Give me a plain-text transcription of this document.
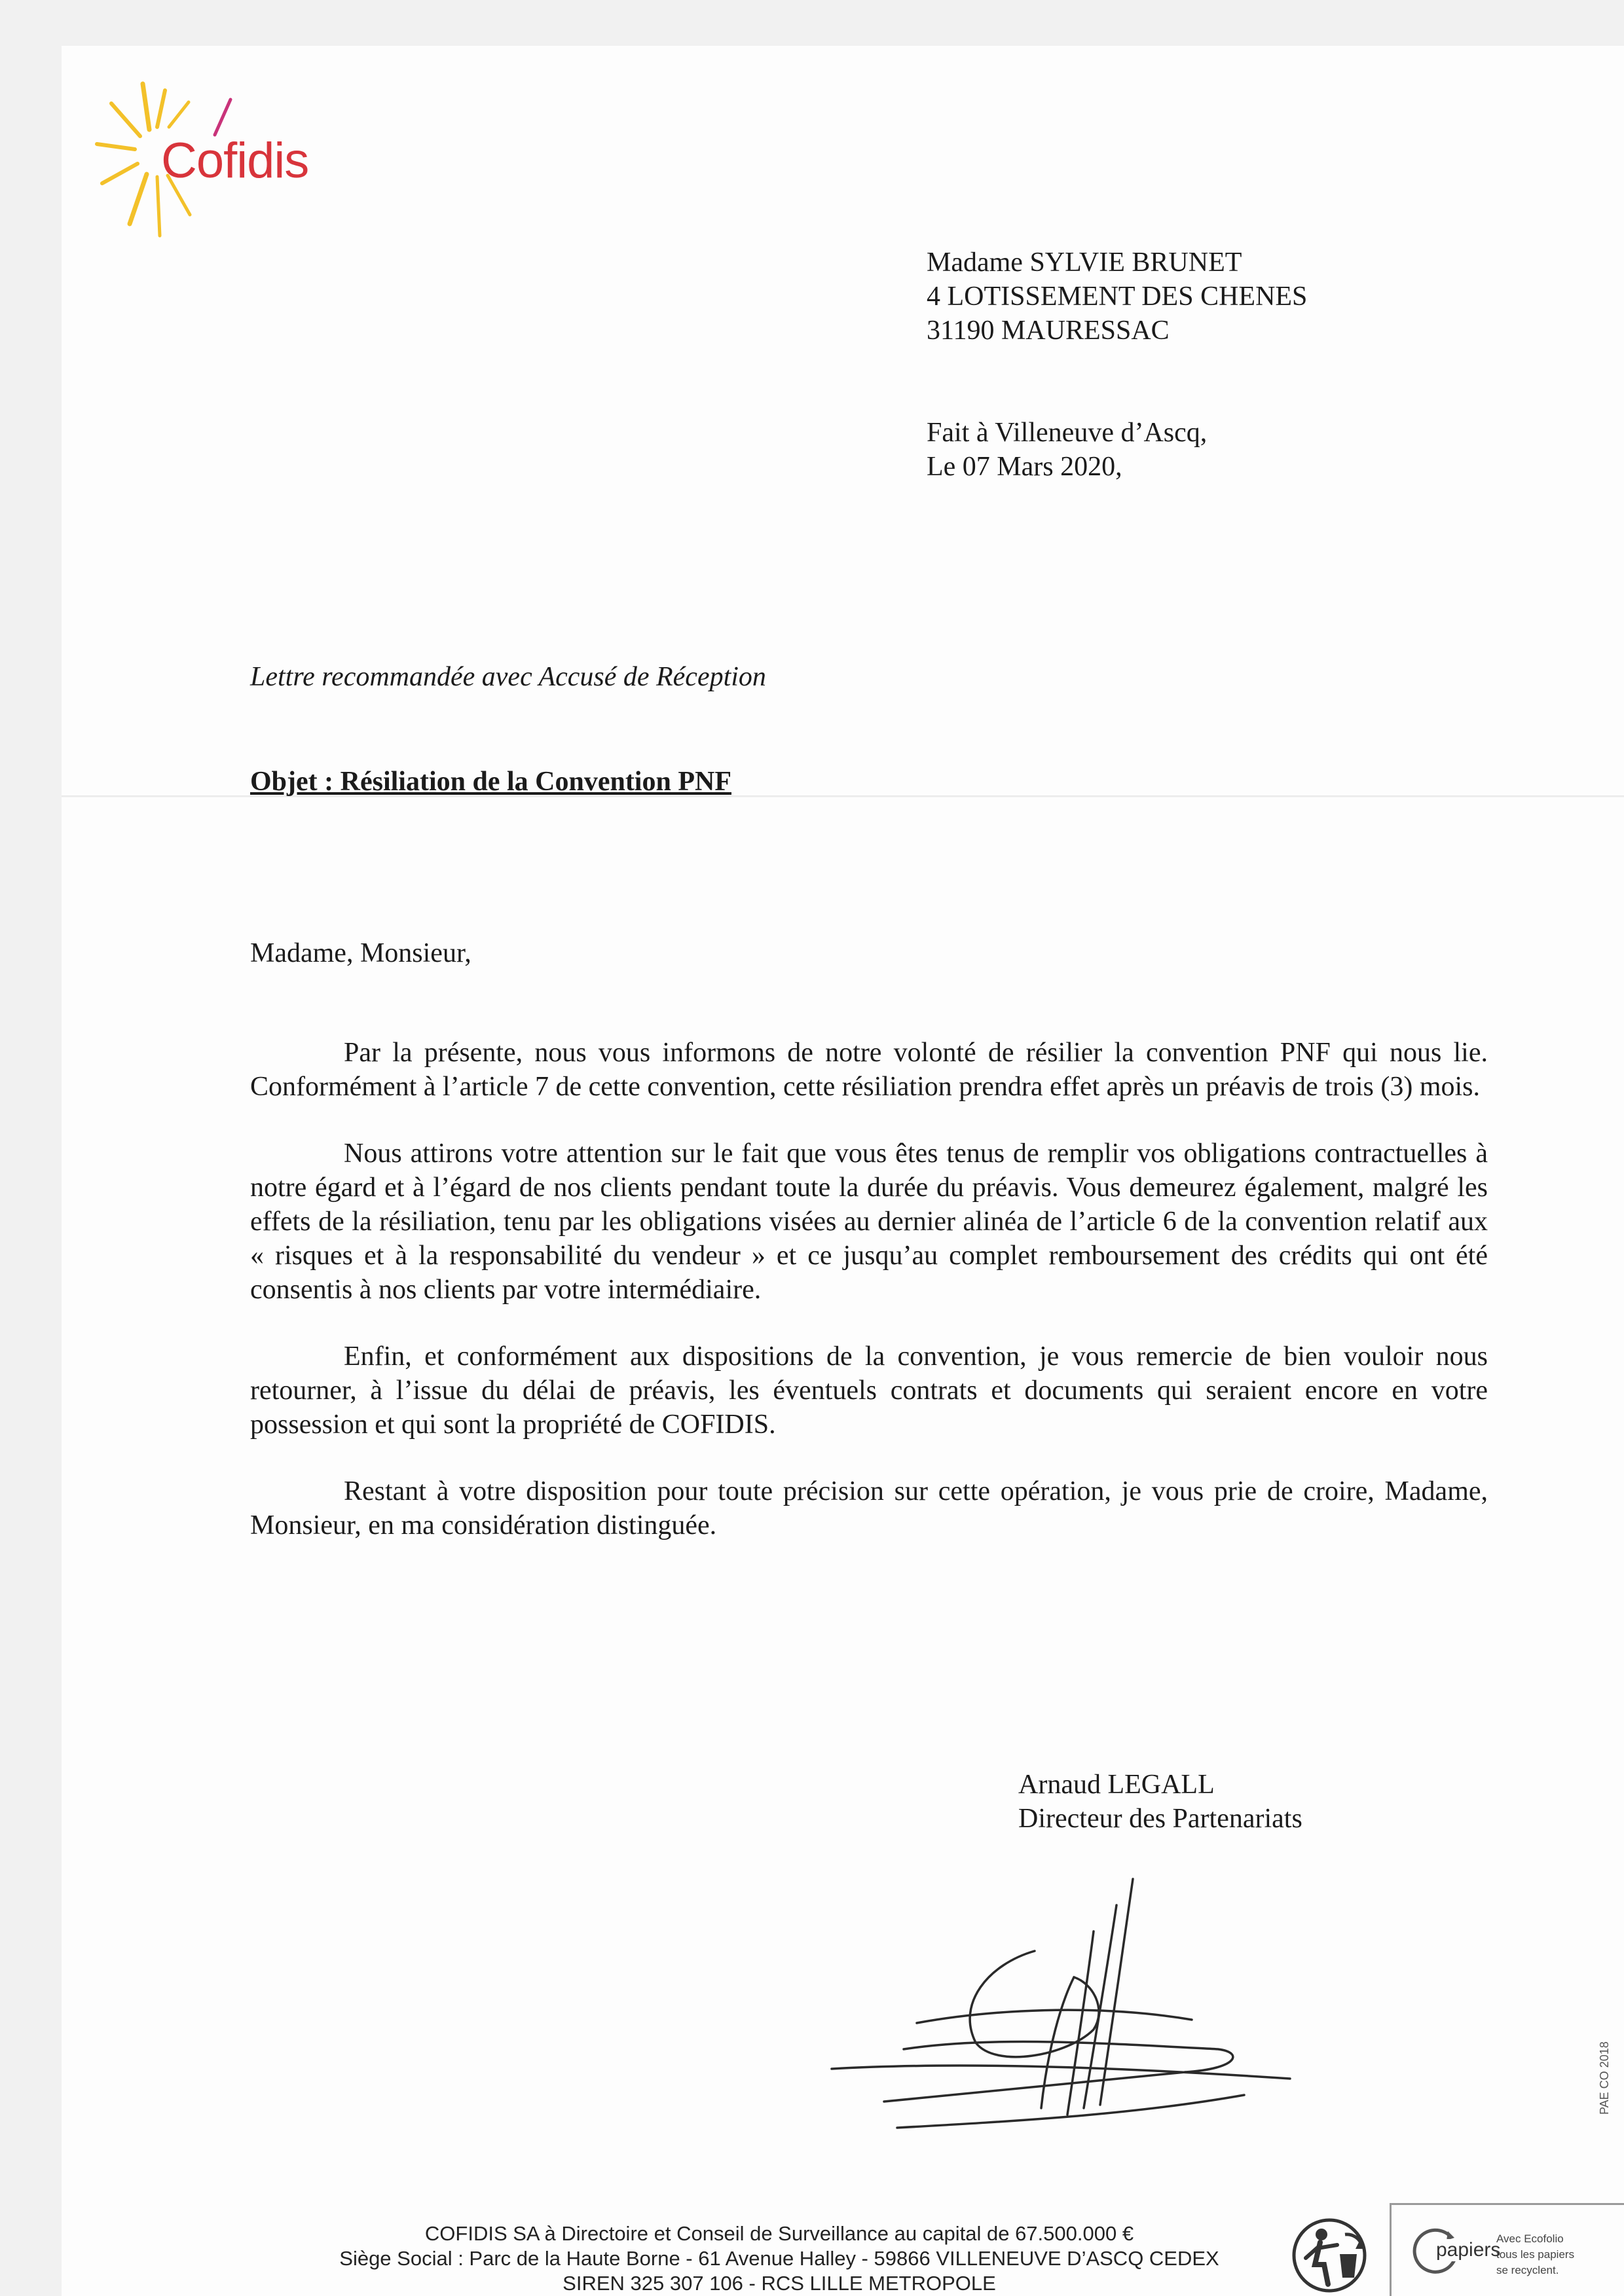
Cofidis
Madame SYLVIE BRUNET
4 LOTISSEMENT DES CHENES
31190 MAURESSAC
Fait à Villeneuve d’Ascq,
Le 07 Mars 2020,
Lettre recommandée avec Accusé de Réception
Objet : Résiliation de la Convention PNF
Madame, Monsieur,

Par la présente, nous vous informons de notre volonté de résilier la convention PNF qui nous lie. Conformément à l’article 7 de cette convention, cette résiliation prendra effet après un préavis de trois (3) mois.

Nous attirons votre attention sur le fait que vous êtes tenus de remplir vos obligations contractuelles à notre égard et à l’égard de nos clients pendant toute la durée du préavis. Vous demeurez également, malgré les effets de la résiliation, tenu par les obligations visées au dernier alinéa de l’article 6 de la convention relatif aux « risques et à la responsabilité du vendeur » et ce jusqu’au complet remboursement des crédits qui ont été consentis à nos clients par votre intermédiaire.

Enfin, et conformément aux dispositions de la convention, je vous remercie de bien vouloir nous retourner, à l’issue du délai de préavis, les éventuels contrats et documents qui seraient encore en votre possession et qui sont la propriété de COFIDIS.

Restant à votre disposition pour toute précision sur cette opération, je vous prie de croire, Madame, Monsieur, en ma considération distinguée.

Arnaud LEGALL
Directeur des Partenariats
COFIDIS SA à Directoire et Conseil de Surveillance au capital de 67.500.000 €
Siège Social : Parc de la Haute Borne - 61 Avenue Halley - 59866 VILLENEUVE D’ASCQ CEDEX
SIREN 325 307 106 - RCS LILLE METROPOLE
papiers
Avec Ecofolio
tous les papiers
se recyclent.
PAE CO 2018
